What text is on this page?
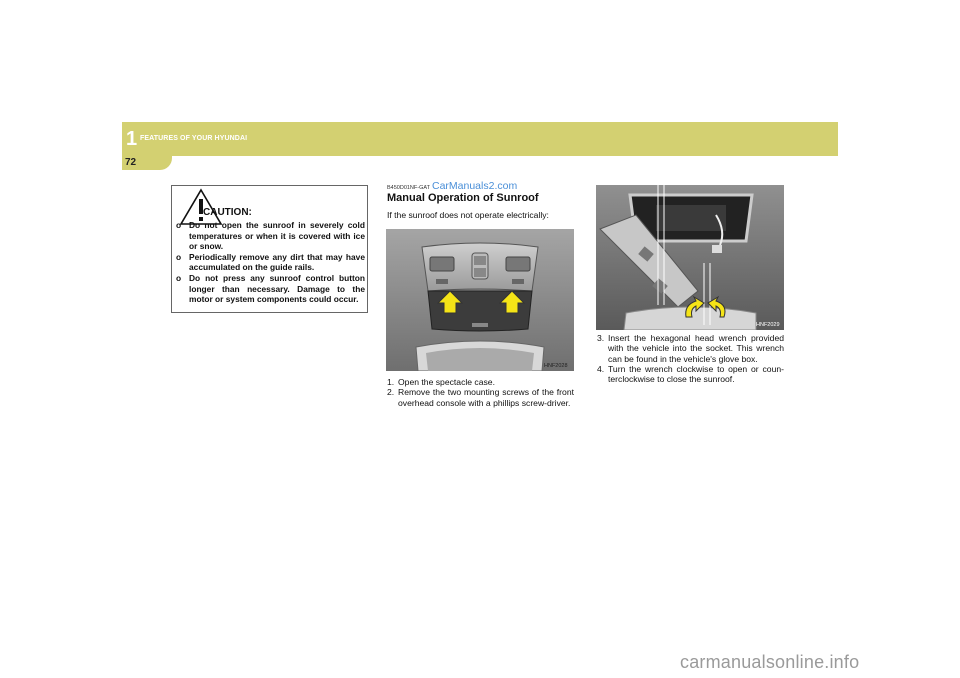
1 FEATURES OF YOUR HYUNDAI
72
CAUTION:
o Do not open the sunroof in severely cold temperatures or when it is covered with ice or snow.
o Periodically remove any dirt that may have accumulated on the guide rails.
o Do not press any sunroof control button longer than necessary. Damage to the motor or system components could occur.
B450D01NF-GAT CarManuals2.com
Manual Operation of Sunroof
If the sunroof does not operate electrically:
HNF2028
HNF2029
1. Open the spectacle case.
2. Remove the two mounting screws of the front overhead console with a phillips screw-driver.
3. Insert the hexagonal head wrench provided with the vehicle into the socket. This wrench can be found in the vehicle's glove box.
4. Turn the wrench clockwise to open or coun-terclockwise to close the sunroof.
carmanualsonline.info
